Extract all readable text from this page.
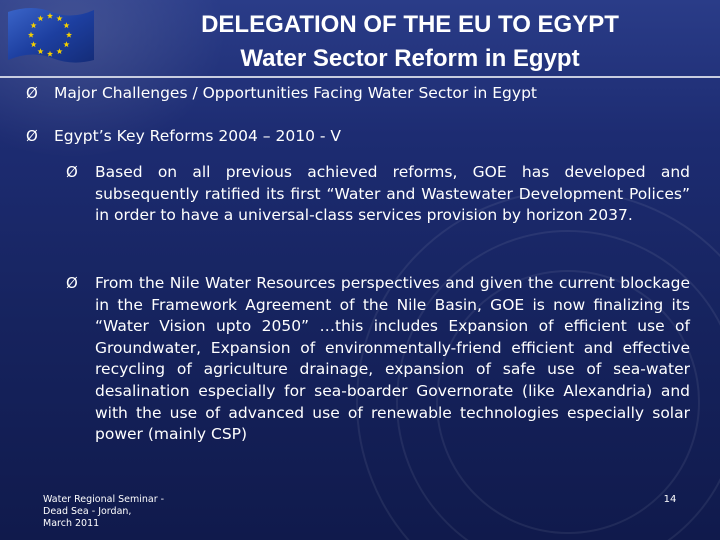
DELEGATION OF THE EU TO EGYPT
Water Sector Reform in Egypt
Ø Major Challenges / Opportunities Facing Water Sector in Egypt
Ø Egypt’s Key Reforms 2004 – 2010 - V
Ø Based on all previous achieved reforms, GOE has developed and subsequently ratified its first “Water and Wastewater Development Polices” in order to have a universal-class services provision by horizon 2037.
Ø From the Nile Water Resources perspectives and given the current blockage in the Framework Agreement of the Nile Basin, GOE is now finalizing its “Water Vision upto 2050” …this includes Expansion of efficient use of Groundwater, Expansion of environmentally-friend efficient and effective recycling of agriculture drainage, expansion of safe use of sea-water desalination especially for sea-boarder Governorate (like Alexandria) and with the use of advanced use of renewable technologies especially solar power (mainly CSP)
Water Regional Seminar -
Dead Sea - Jordan,
March 2011
14
